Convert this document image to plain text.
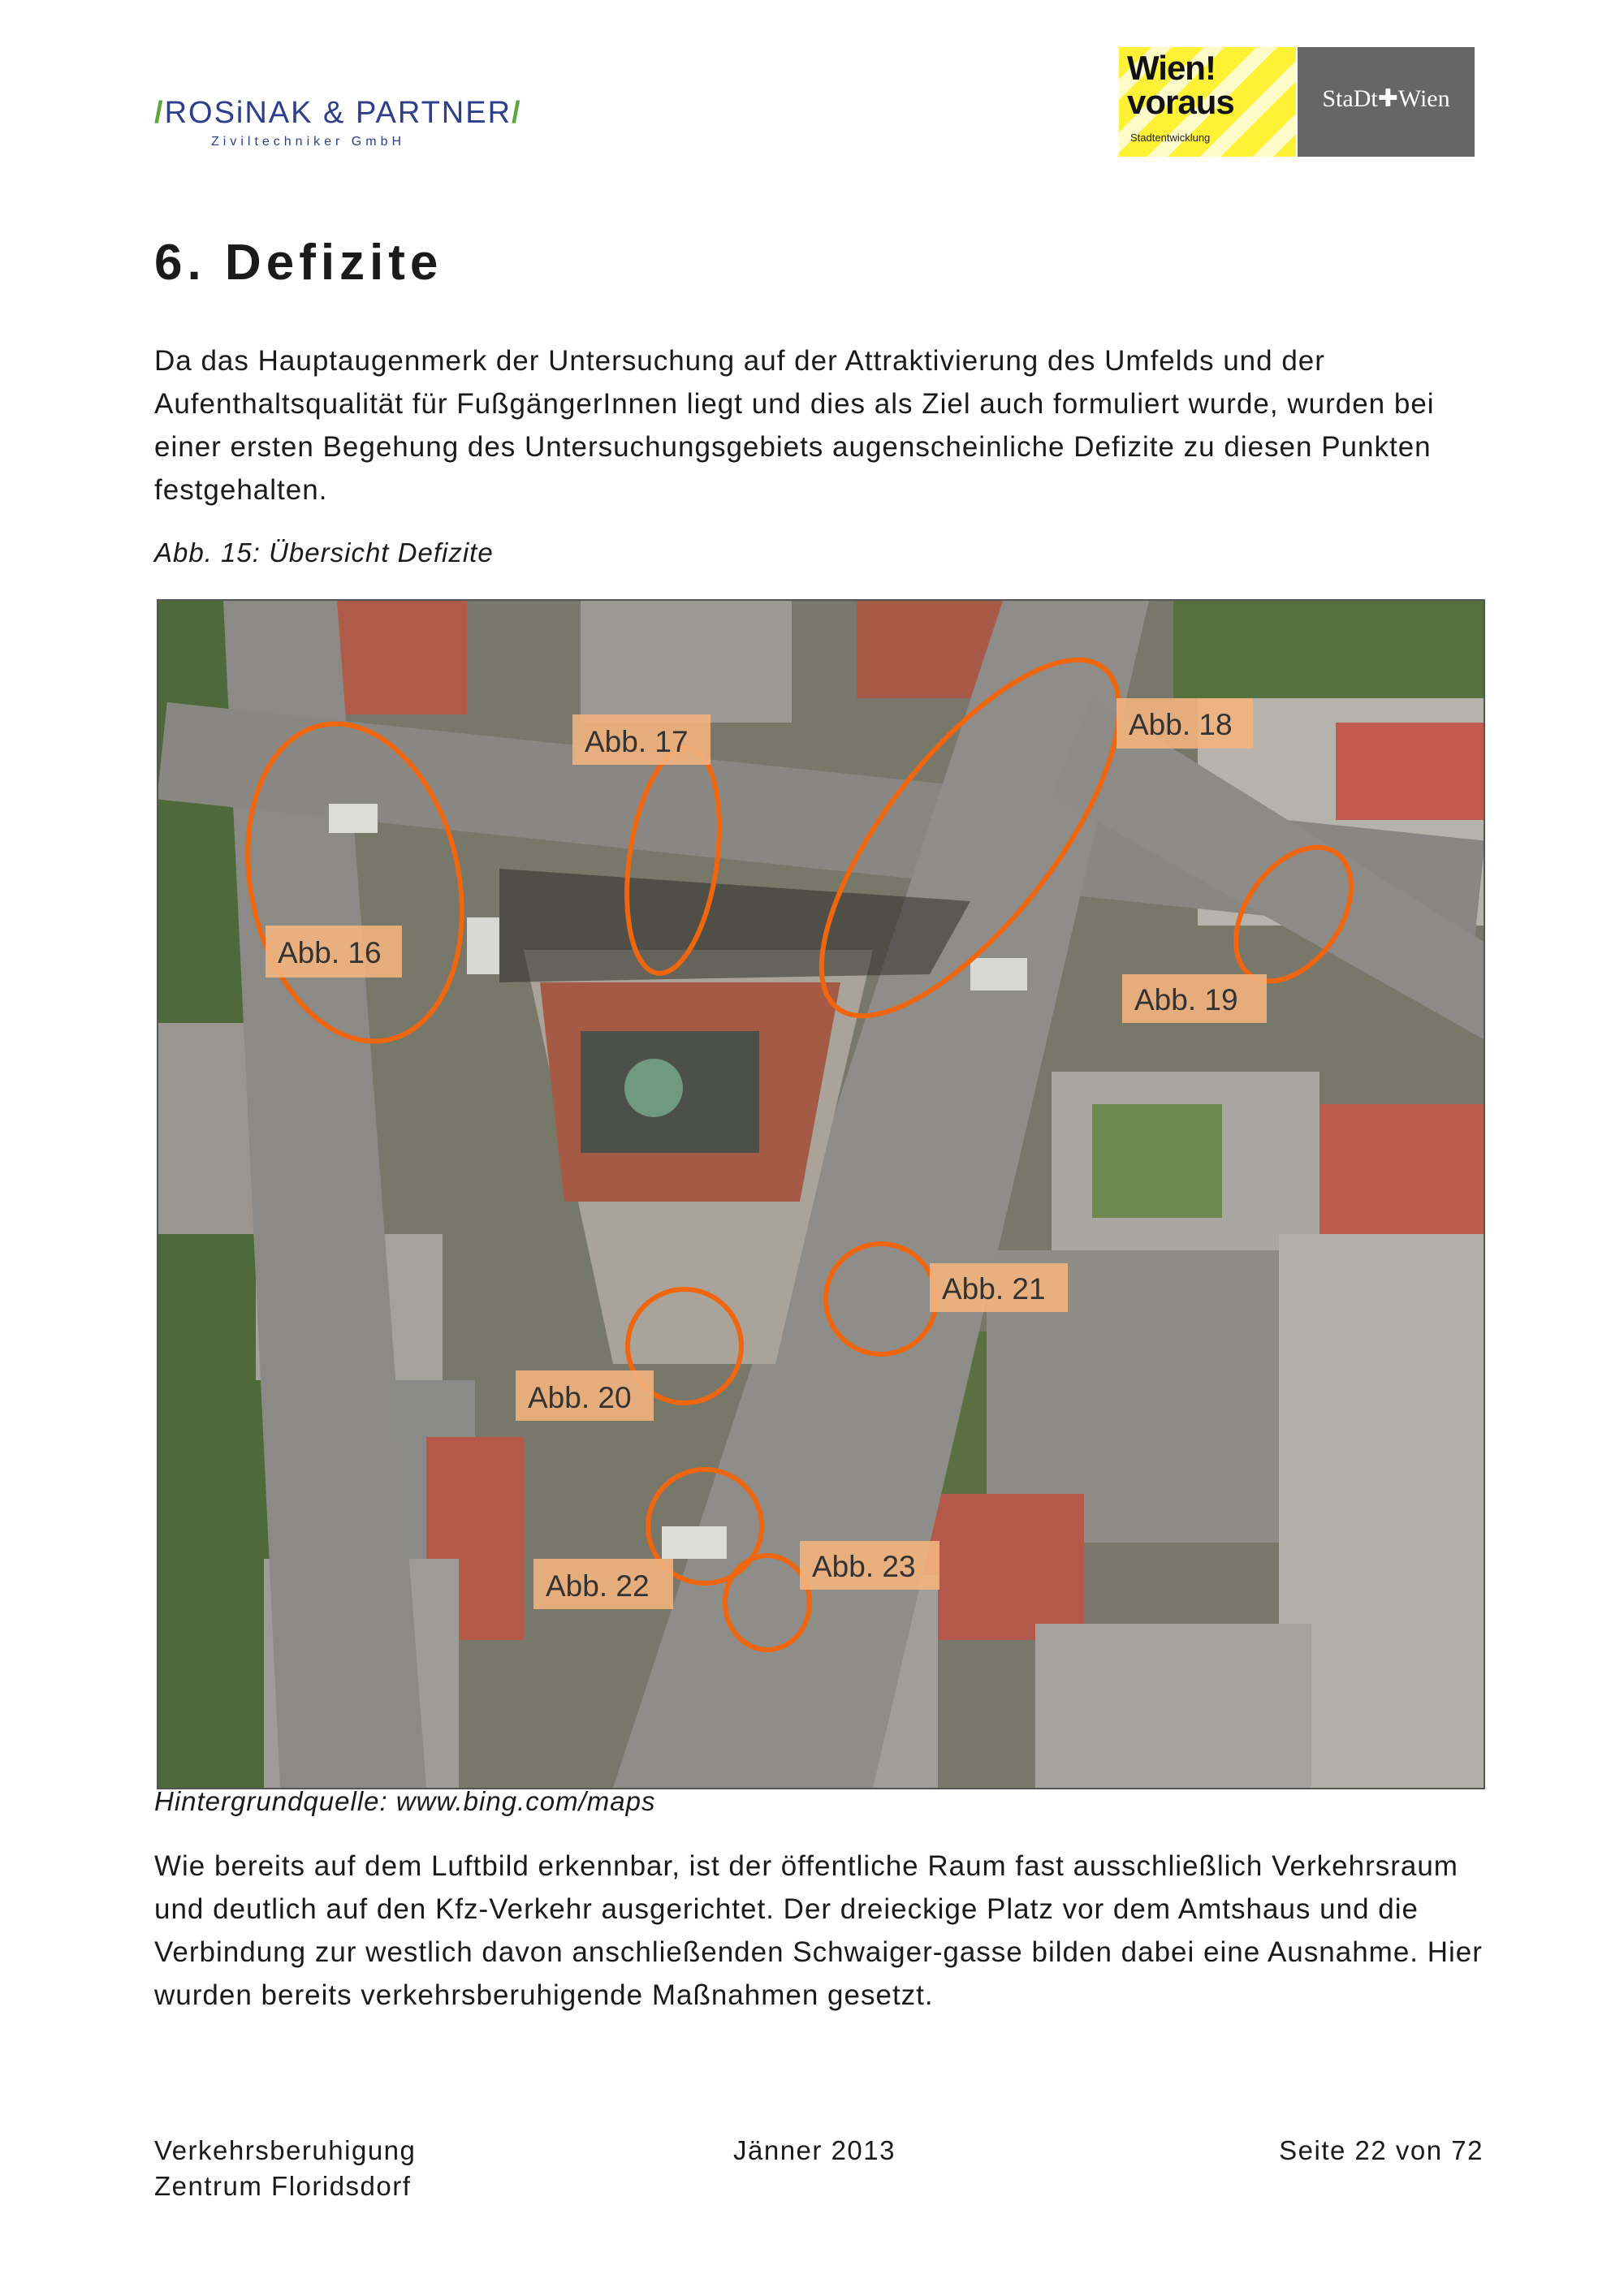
/ROSiNAK & PARTNER/
Ziviltechniker GmbH
Wien!
voraus
Stadtentwicklung
StaDt✚Wien
6. Defizite
Da das Hauptaugenmerk der Untersuchung auf der Attraktivierung des Umfelds und der Aufenthaltsqualität für FußgängerInnen liegt und dies als Ziel auch formuliert wurde, wurden bei einer ersten Begehung des Untersuchungsgebiets augenscheinliche Defizite zu diesen Punkten festgehalten.
Abb. 15: Übersicht Defizite
Abb. 16
Abb. 17
Abb. 18
Abb. 19
Abb. 20
Abb. 21
Abb. 22
Abb. 23
Hintergrundquelle: www.bing.com/maps
Wie bereits auf dem Luftbild erkennbar, ist der öffentliche Raum fast ausschließlich Verkehrsraum und deutlich auf den Kfz-Verkehr ausgerichtet. Der dreieckige Platz vor dem Amtshaus und die Verbindung zur westlich davon anschließenden Schwaiger-gasse bilden dabei eine Ausnahme. Hier wurden bereits verkehrsberuhigende Maßnahmen gesetzt.
Verkehrsberuhigung
Zentrum Floridsdorf
Jänner 2013	Seite 22 von 72
